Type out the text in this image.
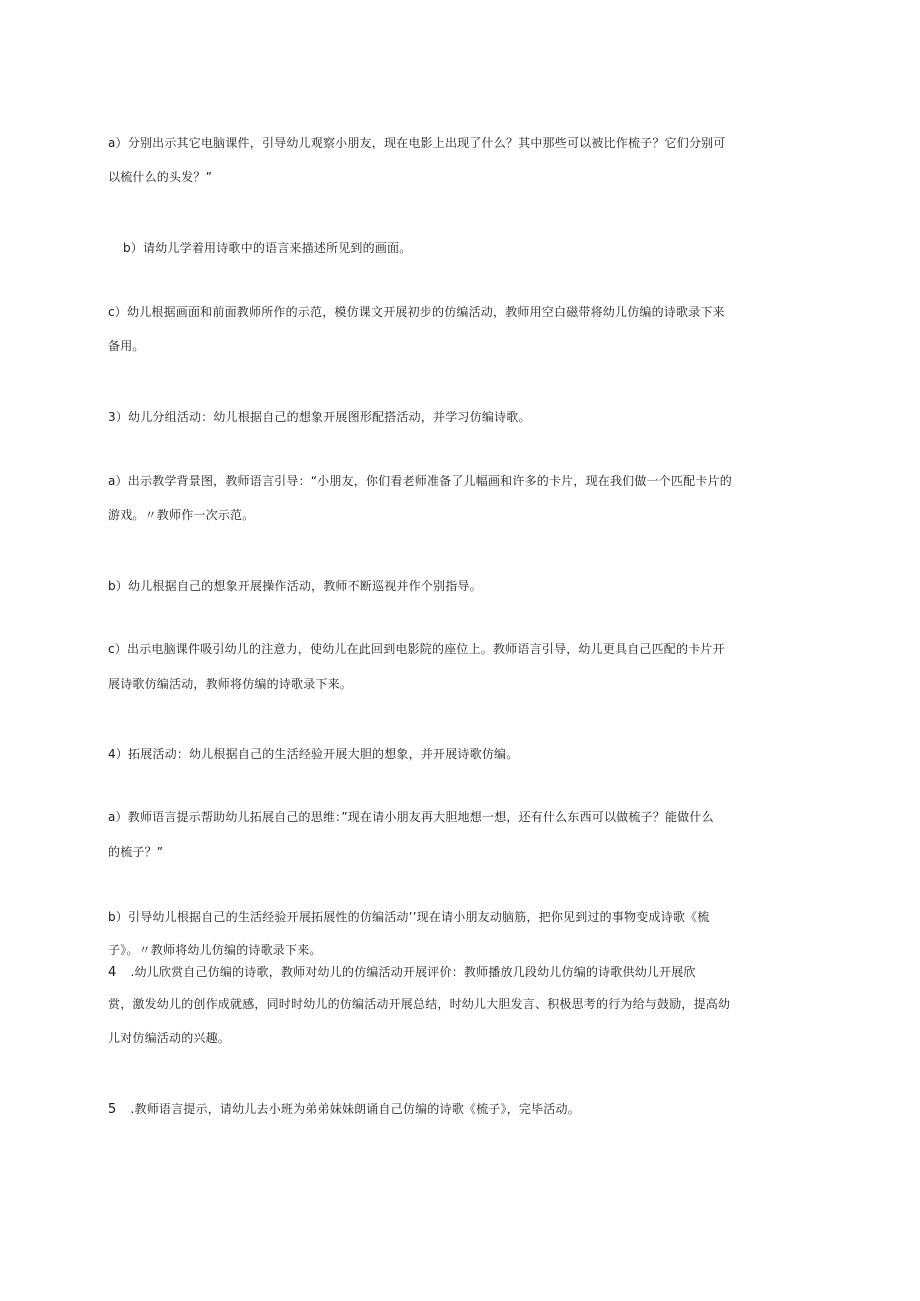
a）分别出示其它电脑课件，引导幼儿观察小朋友，现在电影上出现了什么？其中那些可以被比作梳子？它们分别可
以梳什么的头发？”
b）请幼儿学着用诗歌中的语言来描述所见到的画面。
c）幼儿根据画面和前面教师所作的示范，模仿课文开展初步的仿编活动，教师用空白磁带将幼儿仿编的诗歌录下来
备用。
3）幼儿分组活动：幼儿根据自己的想象开展图形配搭活动，并学习仿编诗歌。
a）出示教学背景图，教师语言引导：“小朋友，你们看老师准备了儿幅画和许多的卡片，现在我们做一个匹配卡片的
游戏。〃教师作一次示范。
b）幼儿根据自己的想象开展操作活动，教师不断巡视并作个别指导。
c）出示电脑课件吸引幼儿的注意力，使幼儿在此回到电影院的座位上。教师语言引导，幼儿更具自己匹配的卡片开
展诗歌仿编活动，教师将仿编的诗歌录下来。
4）拓展活动：幼儿根据自己的生活经验开展大胆的想象，并开展诗歌仿编。
a）教师语言提示帮助幼儿拓展自己的思维：”现在请小朋友再大胆地想一想，还有什么东西可以做梳子？能做什么
的梳子？”
b）引导幼儿根据自己的生活经验开展拓展性的仿编活动’’现在请小朋友动脑筋，把你见到过的事物变成诗歌《梳
子》。〃教师将幼儿仿编的诗歌录下来。
4 .幼儿欣赏自己仿编的诗歌，教师对幼儿的仿编活动开展评价：教师播放几段幼儿仿编的诗歌供幼儿开展欣
赏，激发幼儿的创作成就感，同时时幼儿的仿编活动开展总结，时幼儿大胆发言、积极思考的行为给与鼓励，提高幼
儿对仿编活动的兴趣。
5 .教师语言提示，请幼儿去小班为弟弟妹妹朗诵自己仿编的诗歌《梳子》，完毕活动。
